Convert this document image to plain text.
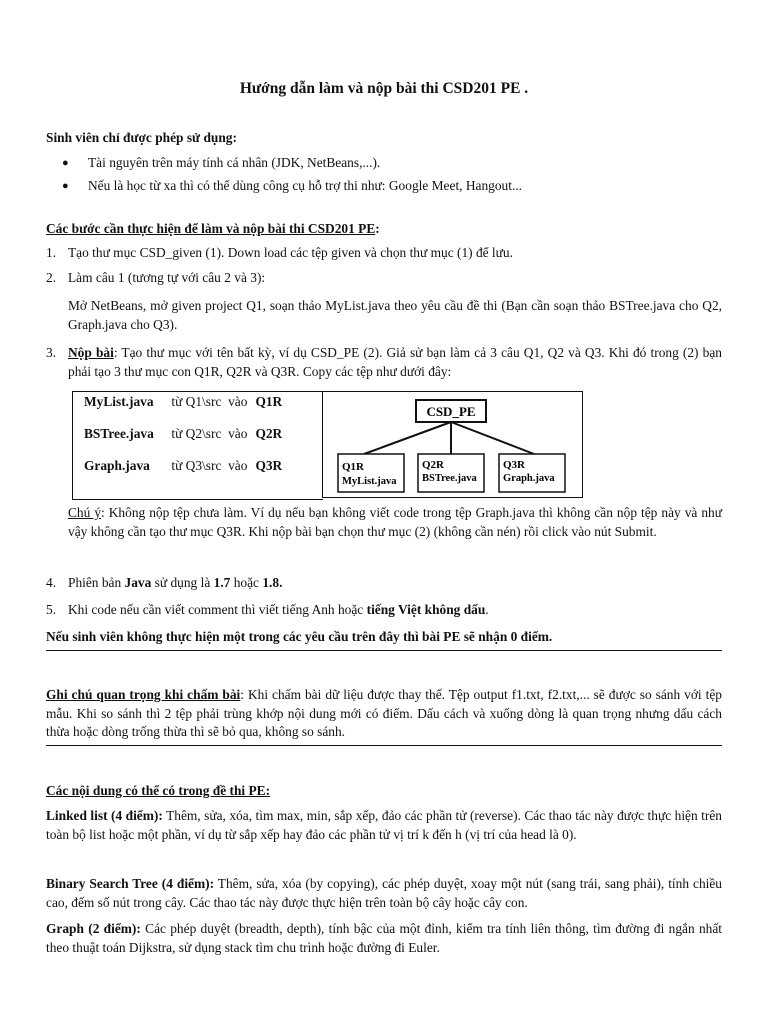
Hướng dẫn làm và nộp bài thi CSD201 PE .
Sinh viên chỉ được phép sử dụng:
● Tài nguyên trên máy tính cá nhân (JDK, NetBeans,...).
● Nếu là học từ xa thì có thể dùng công cụ hỗ trợ thi như: Google Meet, Hangout...
Các bước cần thực hiện để làm và nộp bài thi CSD201 PE:
1. Tạo thư mục CSD_given (1). Down load các tệp given và chọn thư mục (1) để lưu.
2. Làm câu 1 (tương tự với câu 2 và 3):
Mở NetBeans, mở given project Q1, soạn thảo MyList.java theo yêu cầu đề thi (Bạn cần soạn thảo BSTree.java cho Q2, Graph.java cho Q3).
3. Nộp bài: Tạo thư mục với tên bất kỳ, ví dụ CSD_PE (2). Giả sử bạn làm cả 3 câu Q1, Q2 và Q3. Khi đó trong (2) bạn phải tạo 3 thư mục con Q1R, Q2R và Q3R. Copy các tệp như dưới đây:
MyList.java từ Q1\src vào Q1R
BSTree.java từ Q2\src vào Q2R
Graph.java từ Q3\src vào Q3R
CSD_PE
Q1R
MyList.java
Q2R
BSTree.java
Q3R
Graph.java
Chú ý: Không nộp tệp chưa làm. Ví dụ nếu bạn không viết code trong tệp Graph.java thì không cần nộp tệp này và như vậy không cần tạo thư mục Q3R. Khi nộp bài bạn chọn thư mục (2) (không cần nén) rồi click vào nút Submit.
4. Phiên bản Java sử dụng là 1.7 hoặc 1.8.
5. Khi code nếu cần viết comment thì viết tiếng Anh hoặc tiếng Việt không dấu.
Nếu sinh viên không thực hiện một trong các yêu cầu trên đây thì bài PE sẽ nhận 0 điểm.
Ghi chú quan trọng khi chấm bài: Khi chấm bài dữ liệu được thay thế. Tệp output f1.txt, f2.txt,... sẽ được so sánh với tệp mẫu. Khi so sánh thì 2 tệp phải trùng khớp nội dung mới có điểm. Dấu cách và xuống dòng là quan trọng nhưng dấu cách thừa hoặc dòng trống thừa thì sẽ bỏ qua, không so sánh.
Các nội dung có thể có trong đề thi PE:
Linked list (4 điểm): Thêm, sửa, xóa, tìm max, min, sắp xếp, đảo các phần tử (reverse). Các thao tác này được thực hiện trên toàn bộ list hoặc một phần, ví dụ từ sắp xếp hay đảo các phần tử vị trí k đến h (vị trí của head là 0).
Binary Search Tree (4 điểm): Thêm, sửa, xóa (by copying), các phép duyệt, xoay một nút (sang trái, sang phải), tính chiều cao, đếm số nút trong cây. Các thao tác này được thực hiện trên toàn bộ cây hoặc cây con.
Graph (2 điểm): Các phép duyệt (breadth, depth), tính bậc của một đỉnh, kiểm tra tính liên thông, tìm đường đi ngắn nhất theo thuật toán Dijkstra, sử dụng stack tìm chu trình hoặc đường đi Euler.
